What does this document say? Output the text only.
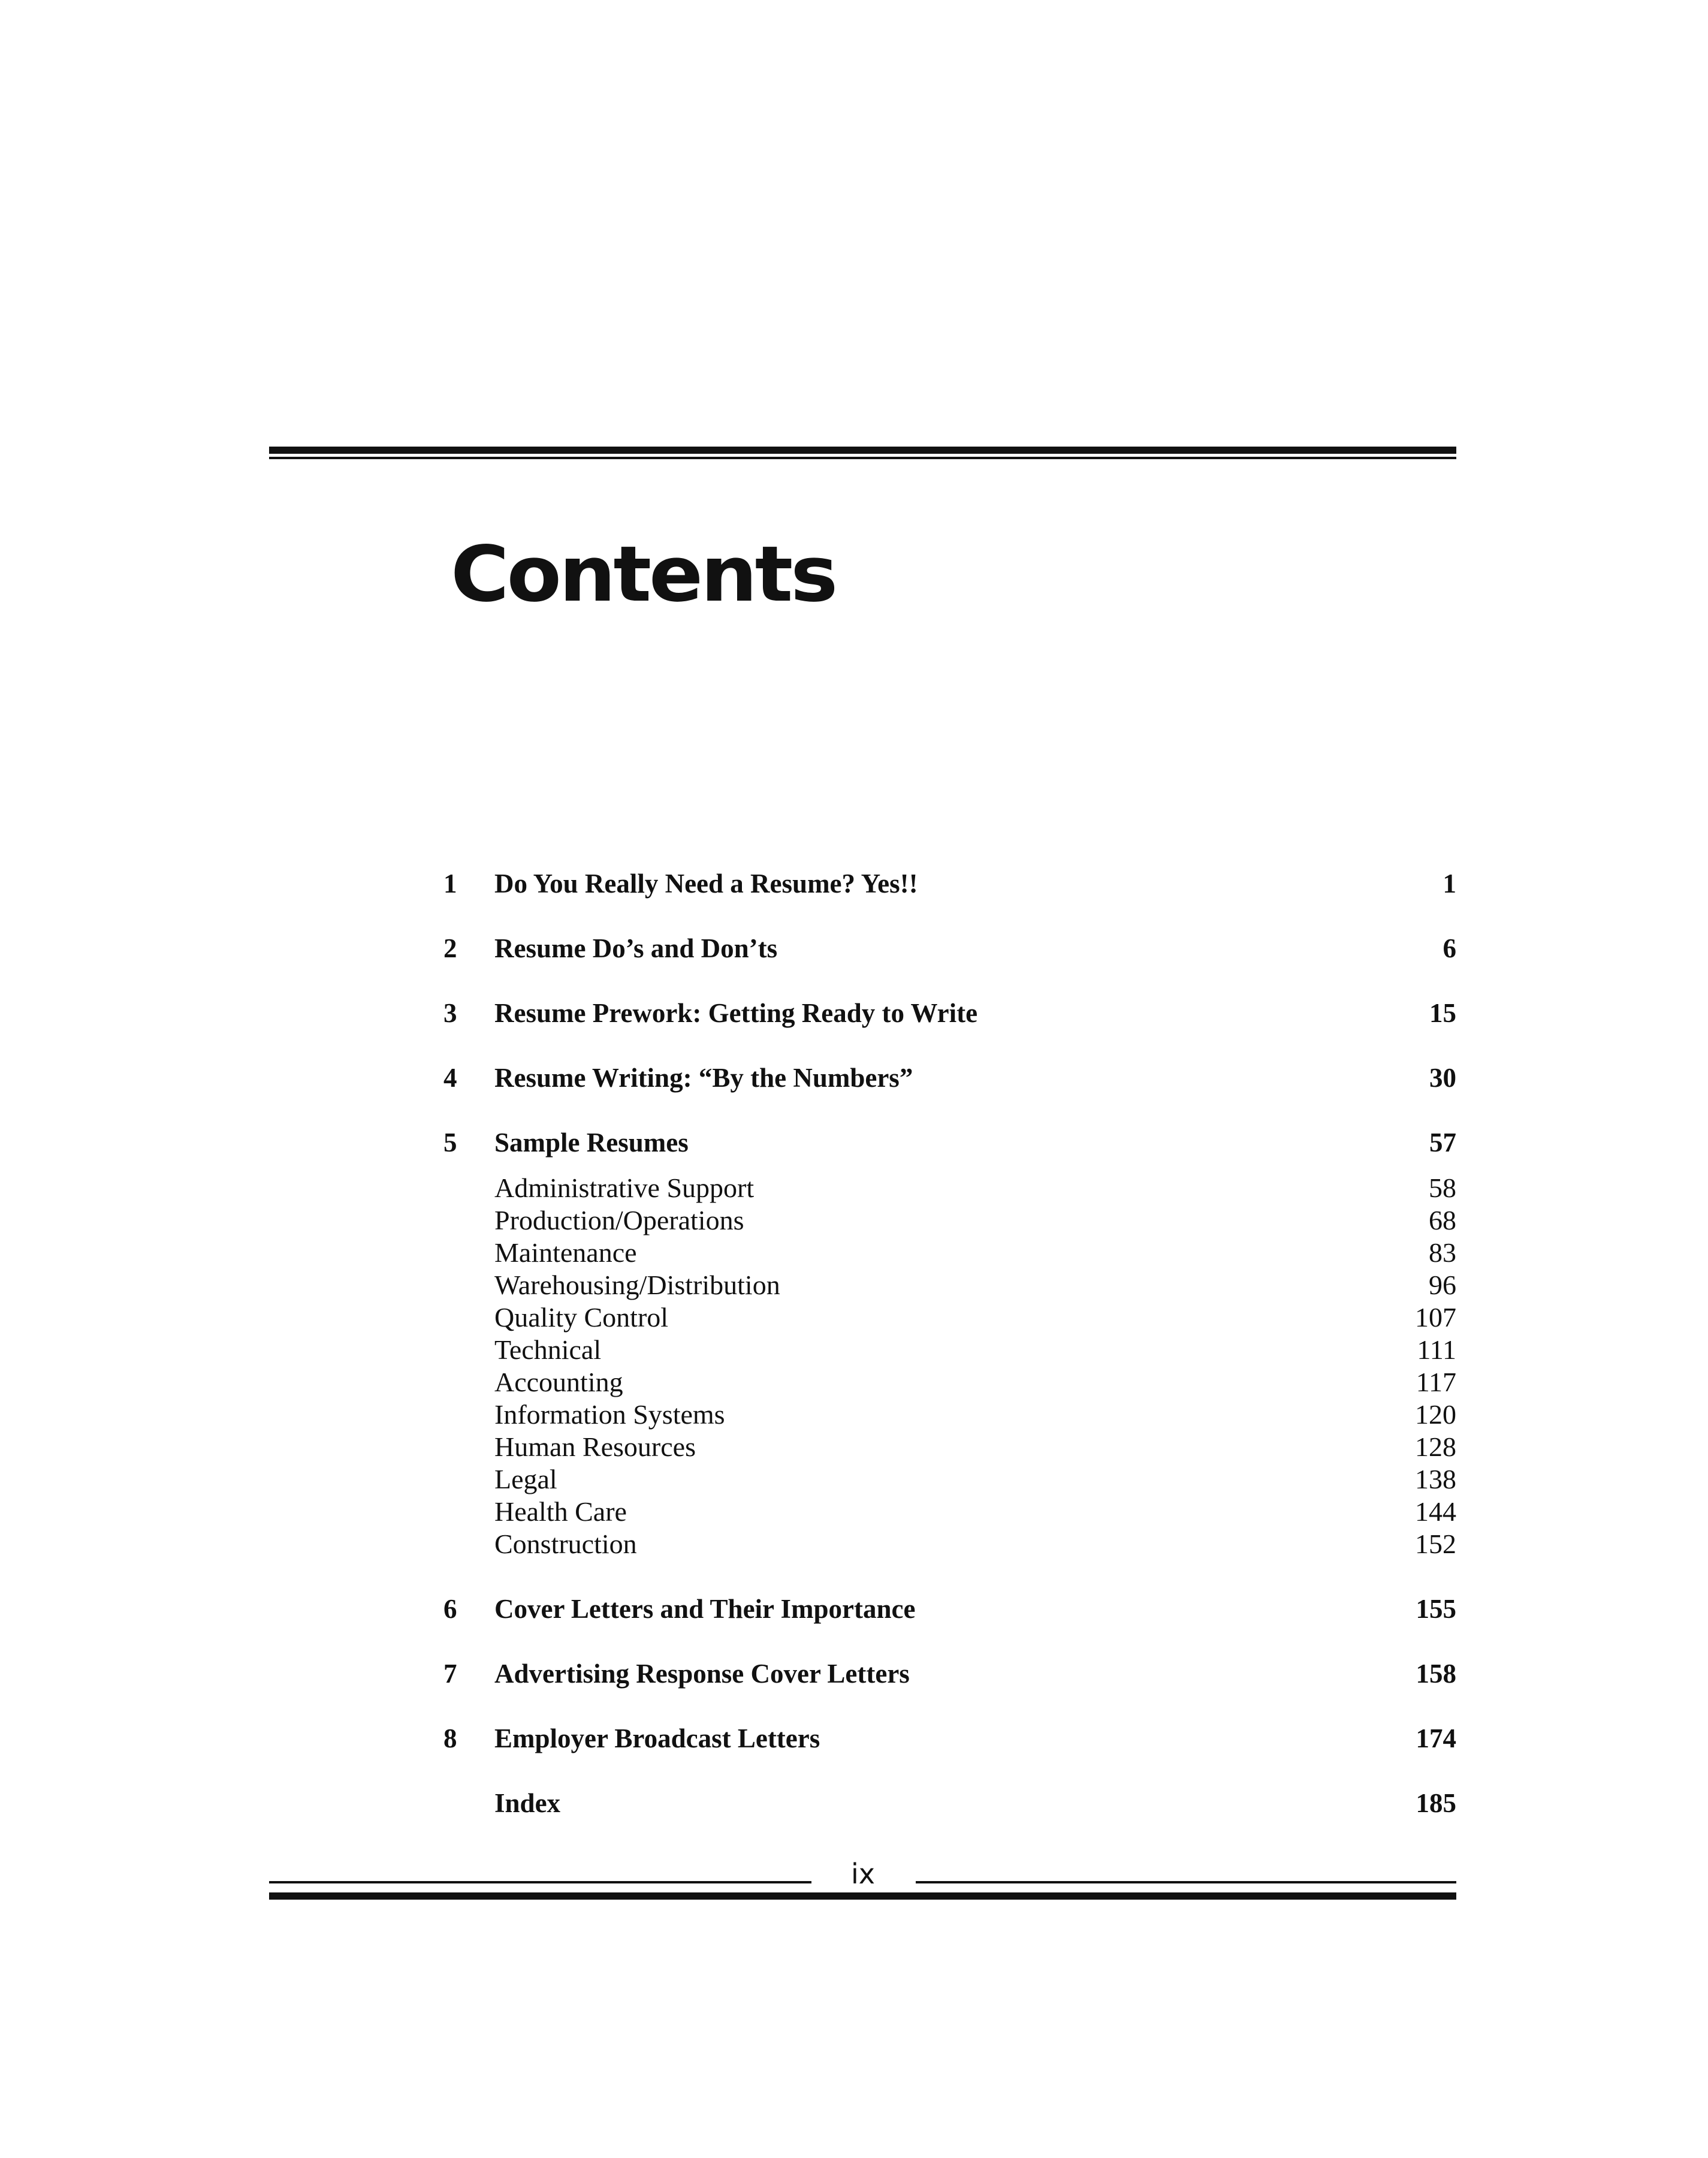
Contents
1 Do You Really Need a Resume? Yes!!	1
2 Resume Do’s and Don’ts	6
3 Resume Prework: Getting Ready to Write	15
4 Resume Writing: “By the Numbers”	30
5 Sample Resumes	57
Administrative Support	58
Production/Operations	68
Maintenance	83
Warehousing/Distribution	96
Quality Control	107
Technical	111
Accounting	117
Information Systems	120
Human Resources	128
Legal	138
Health Care	144
Construction	152
6 Cover Letters and Their Importance	155
7 Advertising Response Cover Letters	158
8 Employer Broadcast Letters	174
Index	185
ix
